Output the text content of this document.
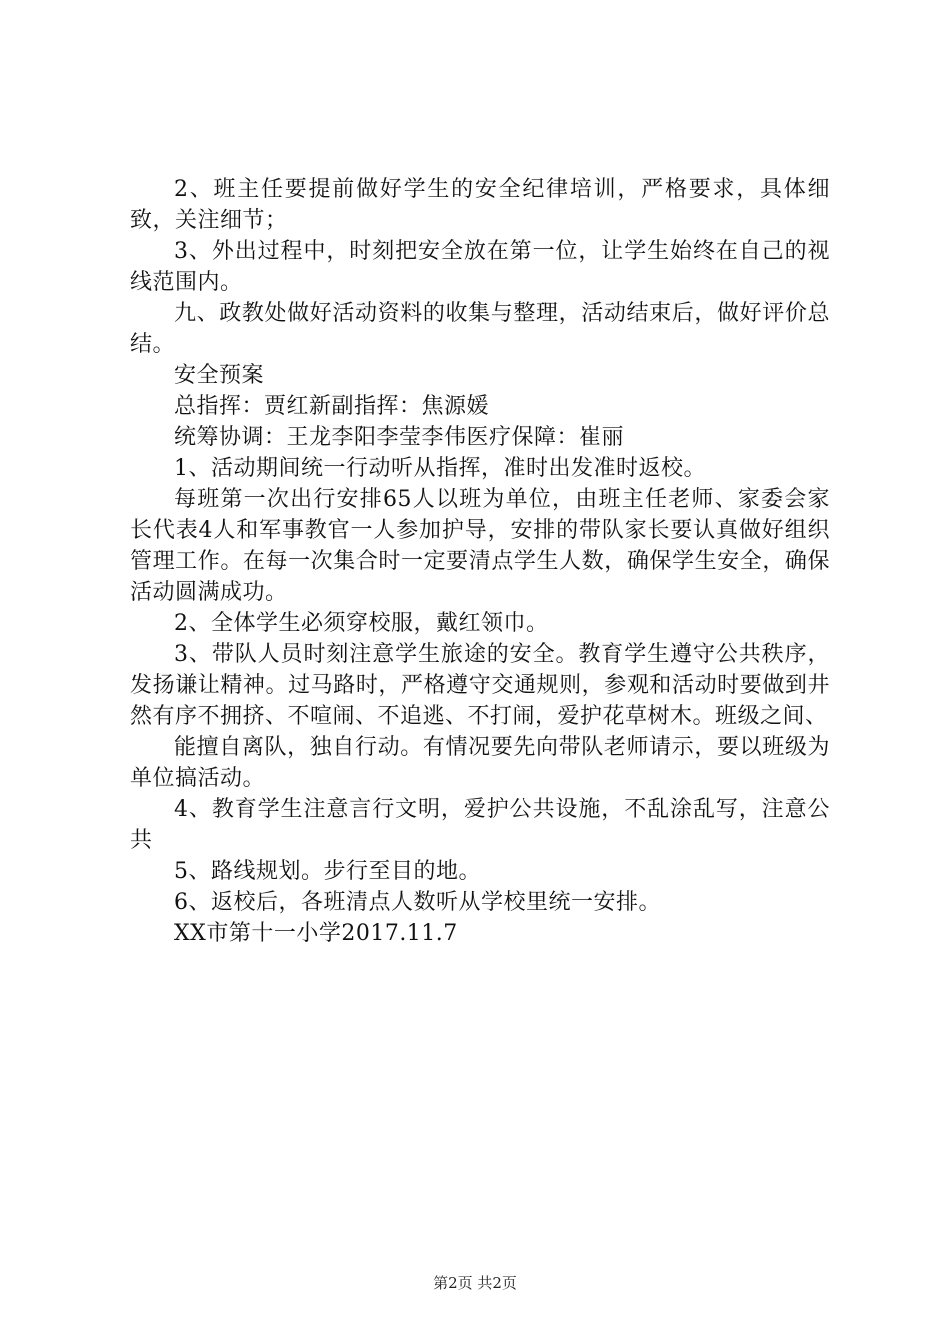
2、班主任要提前做好学生的安全纪律培训，严格要求，具体细致，关注细节；

3、外出过程中，时刻把安全放在第一位，让学生始终在自己的视线范围内。

九、政教处做好活动资料的收集与整理，活动结束后，做好评价总结。

安全预案

总指挥：贾红新副指挥：焦源媛

统筹协调：王龙李阳李莹李伟医疗保障：崔丽

1、活动期间统一行动听从指挥，准时出发准时返校。

每班第一次出行安排65人以班为单位，由班主任老师、家委会家长代表4人和军事教官一人参加护导，安排的带队家长要认真做好组织管理工作。在每一次集合时一定要清点学生人数，确保学生安全，确保活动圆满成功。

2、全体学生必须穿校服，戴红领巾。

3、带队人员时刻注意学生旅途的安全。教育学生遵守公共秩序，发扬谦让精神。过马路时，严格遵守交通规则，参观和活动时要做到井然有序不拥挤、不喧闹、不追逃、不打闹，爱护花草树木。班级之间、

能擅自离队，独自行动。有情况要先向带队老师请示，要以班级为单位搞活动。

4、教育学生注意言行文明，爱护公共设施，不乱涂乱写，注意公共

5、路线规划。步行至目的地。

6、返校后，各班清点人数听从学校里统一安排。

XX市第十一小学2017.11.7

第2页 共2页
